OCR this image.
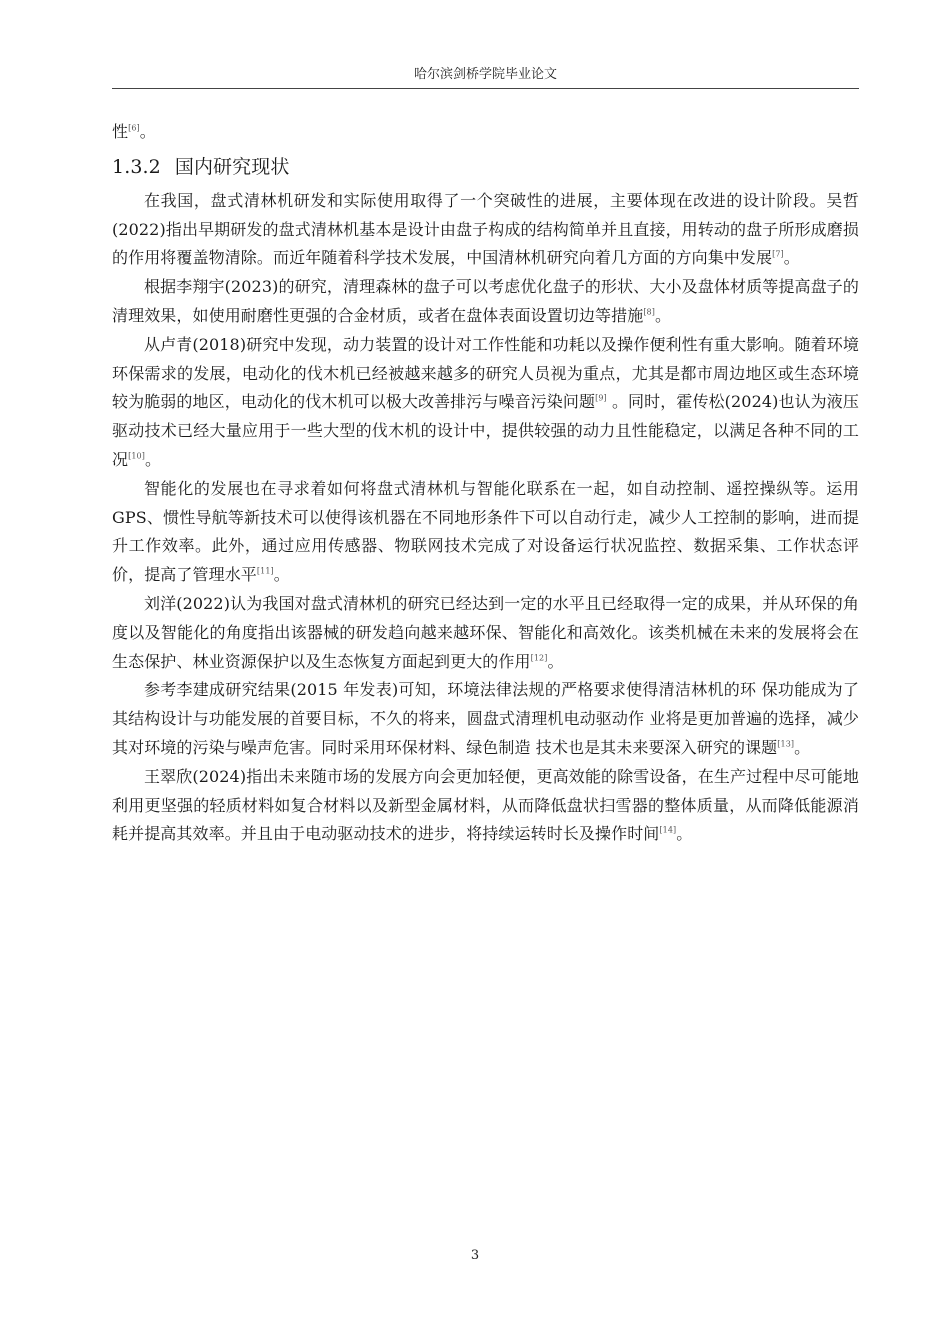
哈尔滨剑桥学院毕业论文

性[6]。

1.3.2 国内研究现状

在我国，盘式清林机研发和实际使用取得了一个突破性的进展，主要体现在改进的设计阶段。吴哲(2022)指出早期研发的盘式清林机基本是设计由盘子构成的结构简单并且直接，用转动的盘子所形成磨损的作用将覆盖物清除。而近年随着科学技术发展，中国清林机研究向着几方面的方向集中发展[7]。

根据李翔宇(2023)的研究，清理森林的盘子可以考虑优化盘子的形状、大小及盘体材质等提高盘子的清理效果，如使用耐磨性更强的合金材质，或者在盘体表面设置切边等措施[8]。

从卢青(2018)研究中发现，动力装置的设计对工作性能和功耗以及操作便利性有重大影响。随着环境环保需求的发展，电动化的伐木机已经被越来越多的研究人员视为重点，尤其是都市周边地区或生态环境较为脆弱的地区，电动化的伐木机可以极大改善排污与噪音污染问题[9] 。同时，霍传松(2024)也认为液压驱动技术已经大量应用于一些大型的伐木机的设计中，提供较强的动力且性能稳定，以满足各种不同的工况[10]。

智能化的发展也在寻求着如何将盘式清林机与智能化联系在一起，如自动控制、遥控操纵等。运用 GPS、惯性导航等新技术可以使得该机器在不同地形条件下可以自动行走，减少人工控制的影响，进而提升工作效率。此外，通过应用传感器、物联网技术完成了对设备运行状况监控、数据采集、工作状态评价，提高了管理水平[11]。

刘洋(2022)认为我国对盘式清林机的研究已经达到一定的水平且已经取得一定的成果，并从环保的角度以及智能化的角度指出该器械的研发趋向越来越环保、智能化和高效化。该类机械在未来的发展将会在生态保护、林业资源保护以及生态恢复方面起到更大的作用[12]。

参考李建成研究结果(2015 年发表)可知，环境法律法规的严格要求使得清洁林机的环 保功能成为了其结构设计与功能发展的首要目标，不久的将来，圆盘式清理机电动驱动作 业将是更加普遍的选择，减少其对环境的污染与噪声危害。同时采用环保材料、绿色制造 技术也是其未来要深入研究的课题[13]。

王翠欣(2024)指出未来随市场的发展方向会更加轻便，更高效能的除雪设备，在生产过程中尽可能地利用更坚强的轻质材料如复合材料以及新型金属材料，从而降低盘状扫雪器的整体质量，从而降低能源消耗并提高其效率。并且由于电动驱动技术的进步，将持续运转时长及操作时间[14]。

3
